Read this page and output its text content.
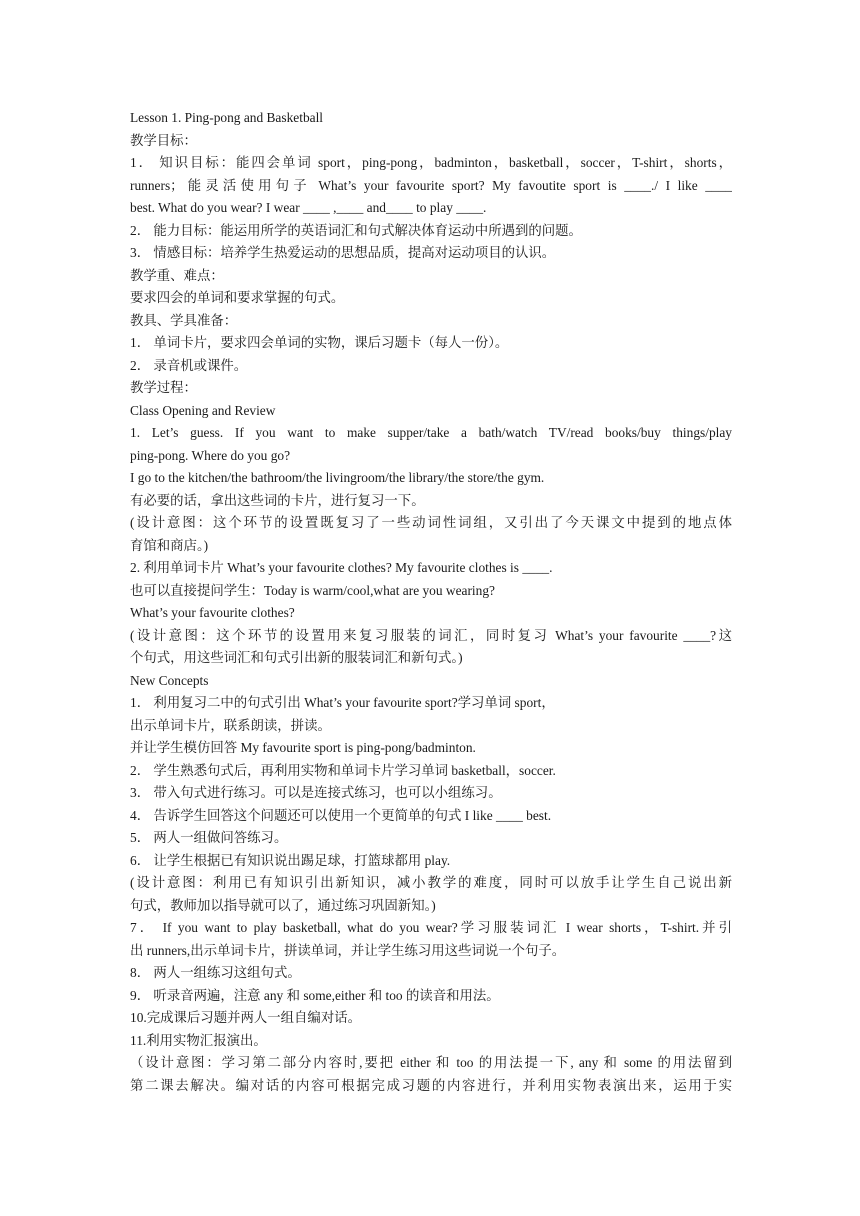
Lesson 1. Ping-pong and Basketball
教学目标：
1． 知识目标：能四会单词 sport，ping-pong，badminton，basketball，soccer，T-shirt，shorts，
runners；能灵活使用句子 What’s your favourite sport? My favoutite sport is ____./ I like ____
best. What do you wear? I wear ____ ,____ and____ to play ____.
2． 能力目标：能运用所学的英语词汇和句式解决体育运动中所遇到的问题。
3． 情感目标：培养学生热爱运动的思想品质，提高对运动项目的认识。
教学重、难点：
要求四会的单词和要求掌握的句式。
教具、学具准备：
1． 单词卡片，要求四会单词的实物，课后习题卡（每人一份）。
2． 录音机或课件。
教学过程：
Class Opening and Review
1. Let’s guess. If you want to make supper/take a bath/watch TV/read books/buy things/play
ping-pong. Where do you go?
I go to the kitchen/the bathroom/the livingroom/the library/the store/the gym.
有必要的话，拿出这些词的卡片，进行复习一下。
(设计意图：这个环节的设置既复习了一些动词性词组，又引出了今天课文中提到的地点体
育馆和商店。)
2. 利用单词卡片 What’s your favourite clothes? My favourite clothes is ____.
也可以直接提问学生：Today is warm/cool,what are you wearing?
What’s your favourite clothes?
(设计意图：这个环节的设置用来复习服装的词汇，同时复习 What’s your favourite ____?这
个句式，用这些词汇和句式引出新的服装词汇和新句式。)
New Concepts
1． 利用复习二中的句式引出 What’s your favourite sport?学习单词 sport，
出示单词卡片，联系朗读，拼读。
并让学生模仿回答 My favourite sport is ping-pong/badminton.
2． 学生熟悉句式后，再利用实物和单词卡片学习单词 basketball，soccer.
3． 带入句式进行练习。可以是连接式练习，也可以小组练习。
4． 告诉学生回答这个问题还可以使用一个更简单的句式 I like ____ best.
5． 两人一组做问答练习。
6． 让学生根据已有知识说出踢足球，打篮球都用 play.
(设计意图：利用已有知识引出新知识，减小教学的难度，同时可以放手让学生自己说出新
句式，教师加以指导就可以了，通过练习巩固新知。)
7． If you want to play basketball, what do you wear?学习服装词汇 I wear shorts，T-shirt.并引
出 runners,出示单词卡片，拼读单词，并让学生练习用这些词说一个句子。
8． 两人一组练习这组句式。
9． 听录音两遍，注意 any 和 some,either 和 too 的读音和用法。
10.完成课后习题并两人一组自编对话。
11.利用实物汇报演出。
（设计意图：学习第二部分内容时,要把 either 和 too 的用法提一下, any 和 some 的用法留到
第二课去解决。编对话的内容可根据完成习题的内容进行，并利用实物表演出来，运用于实
